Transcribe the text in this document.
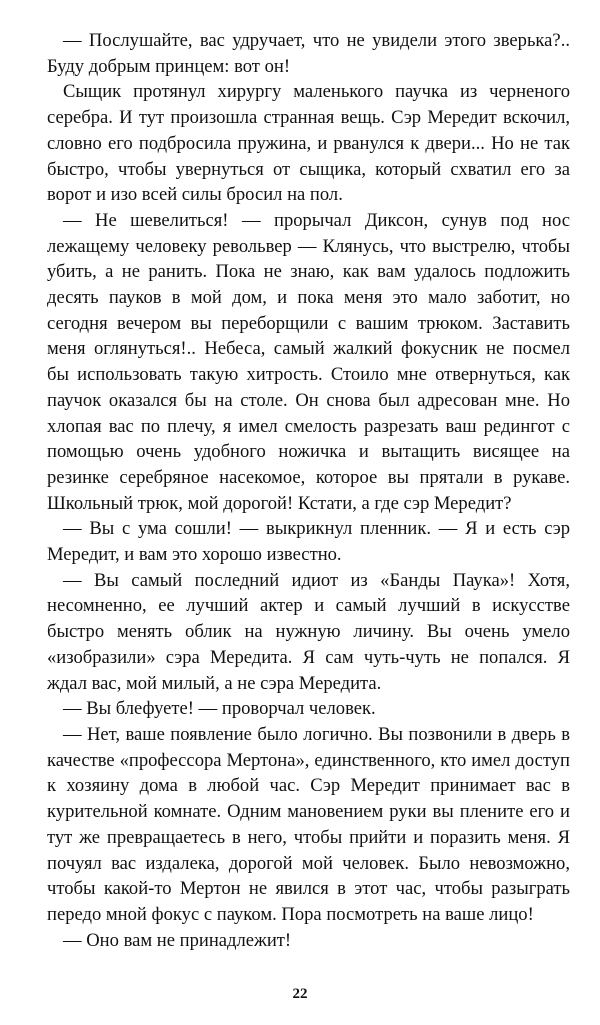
— Послушайте, вас удручает, что не увидели этого зверька?.. Буду добрым принцем: вот он!

Сыщик протянул хирургу маленького паучка из черненого серебра. И тут произошла странная вещь. Сэр Мередит вскочил, словно его подбросила пружина, и рванулся к двери... Но не так быстро, чтобы увернуться от сыщика, который схватил его за ворот и изо всей силы бросил на пол.

— Не шевелиться! — прорычал Диксон, сунув под нос лежащему человеку револьвер — Клянусь, что выстрелю, чтобы убить, а не ранить. Пока не знаю, как вам удалось подложить десять пауков в мой дом, и пока меня это мало заботит, но сегодня вечером вы переборщили с вашим трюком. Заставить меня оглянуться!.. Небеса, самый жалкий фокусник не посмел бы использовать такую хитрость. Стоило мне отвернуться, как паучок оказался бы на столе. Он снова был адресован мне. Но хлопая вас по плечу, я имел смелость разрезать ваш редингот с помощью очень удобного ножичка и вытащить висящее на резинке серебряное насекомое, которое вы прятали в рукаве. Школьный трюк, мой дорогой! Кстати, а где сэр Мередит?

— Вы с ума сошли! — выкрикнул пленник. — Я и есть сэр Мередит, и вам это хорошо известно.

— Вы самый последний идиот из «Банды Паука»! Хотя, несомненно, ее лучший актер и самый лучший в искусстве быстро менять облик на нужную личину. Вы очень умело «изобразили» сэра Мередита. Я сам чуть-чуть не попался. Я ждал вас, мой милый, а не сэра Мередита.

— Вы блефуете! — проворчал человек.

— Нет, ваше появление было логично. Вы позвонили в дверь в качестве «профессора Мертона», единственного, кто имел доступ к хозяину дома в любой час. Сэр Мередит принимает вас в курительной комнате. Одним мановением руки вы плените его и тут же превращаетесь в него, чтобы прийти и поразить меня. Я почуял вас издалека, дорогой мой человек. Было невозможно, чтобы какой-то Мертон не явился в этот час, чтобы разыграть передо мной фокус с пауком. Пора посмотреть на ваше лицо!

— Оно вам не принадлежит!

22
